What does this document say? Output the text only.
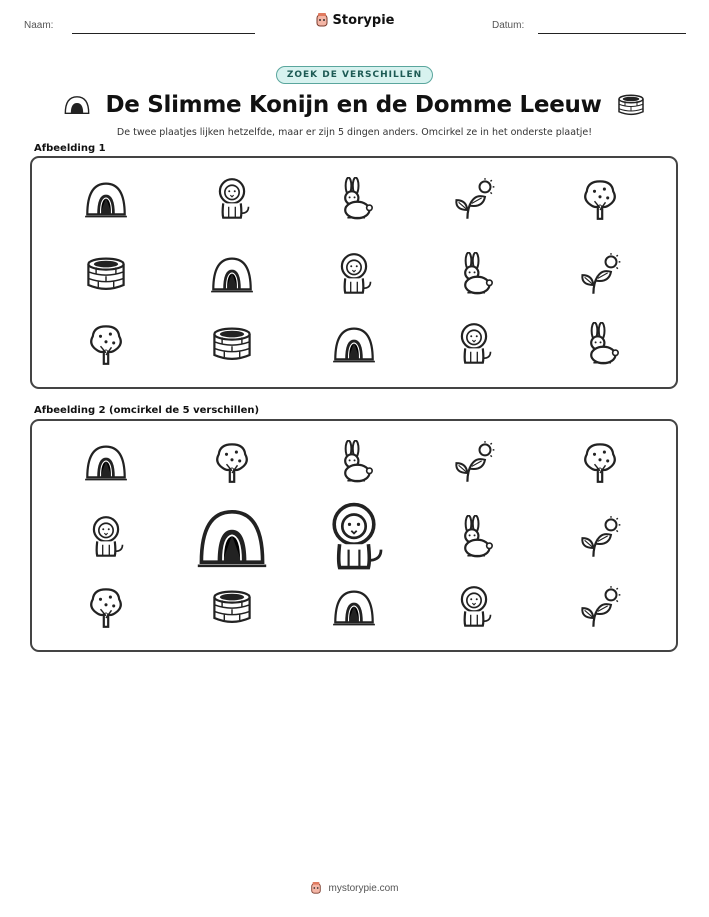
Naam:	Storypie	Datum:
ZOEK DE VERSCHILLEN
De Slimme Konijn en de Domme Leeuw
De twee plaatjes lijken hetzelfde, maar er zijn 5 dingen anders. Omcirkel ze in het onderste plaatje!
Afbeelding 1
Afbeelding 2 (omcirkel de 5 verschillen)
mystorypie.com
